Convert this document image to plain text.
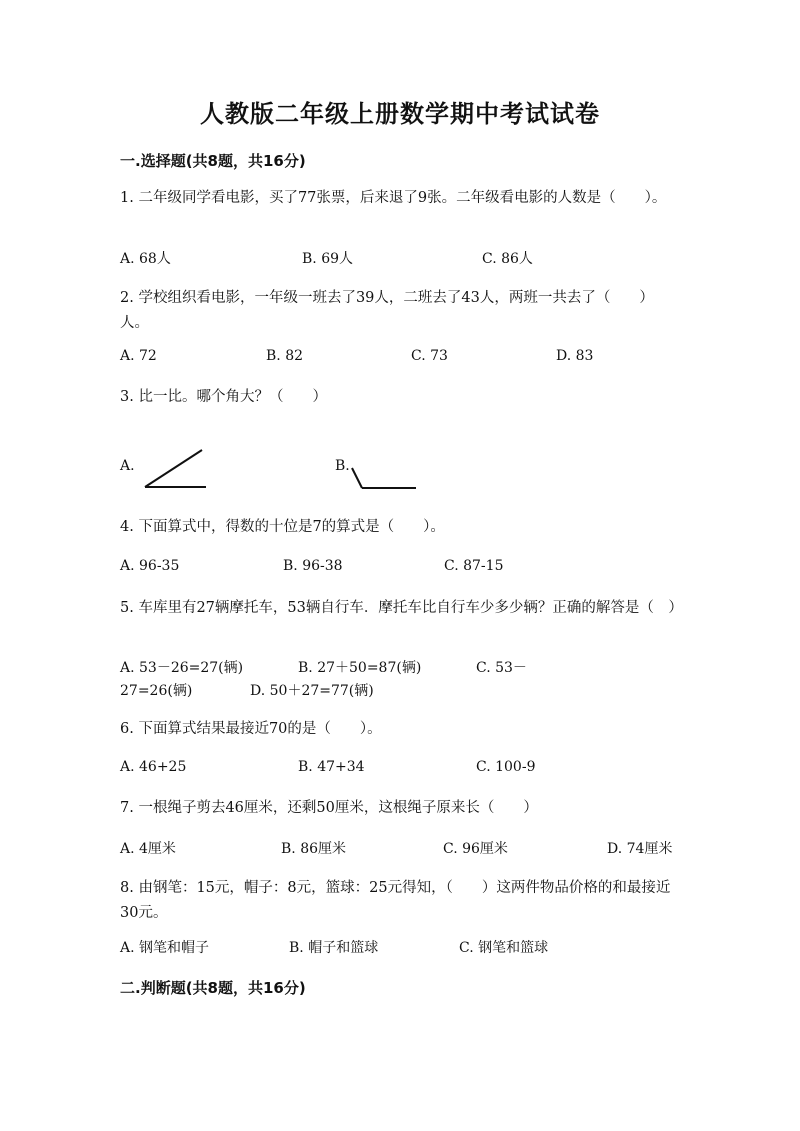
人教版二年级上册数学期中考试试卷
一.选择题(共8题，共16分)
1. 二年级同学看电影，买了77张票，后来退了9张。二年级看电影的人数是（　　）。
A. 68人	B. 69人	C. 86人
2. 学校组织看电影，一年级一班去了39人，二班去了43人，两班一共去了（　　）人。
A. 72	B. 82	C. 73	D. 83
3. 比一比。哪个角大？（　　）
A.	B.
4. 下面算式中，得数的十位是7的算式是（　　）。
A. 96-35	B. 96-38	C. 87-15
5. 车库里有27辆摩托车，53辆自行车．摩托车比自行车少多少辆？正确的解答是（　）
A. 53－26=27(辆)	B. 27＋50=87(辆)	C. 53－
27=26(辆)	D. 50＋27=77(辆)
6. 下面算式结果最接近70的是（　　）。
A. 46+25	B. 47+34	C. 100-9
7. 一根绳子剪去46厘米，还剩50厘米，这根绳子原来长（　　）
A. 4厘米	B. 86厘米	C. 96厘米	D. 74厘米
8. 由钢笔：15元，帽子：8元，篮球：25元得知，（　　）这两件物品价格的和最接近30元。
A. 钢笔和帽子	B. 帽子和篮球	C. 钢笔和篮球
二.判断题(共8题，共16分)
